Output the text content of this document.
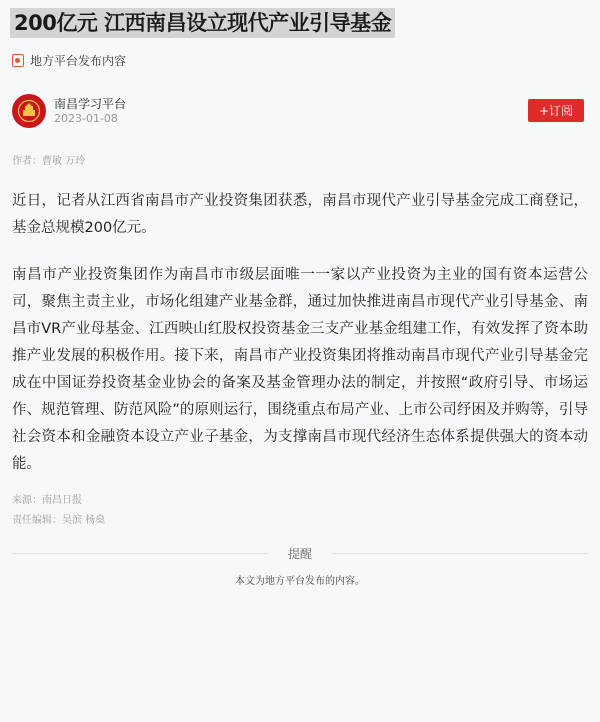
200亿元 江西南昌设立现代产业引导基金
地方平台发布内容
南昌学习平台
2023-01-08
+订阅
作者：曹敏 万玲

近日，记者从江西省南昌市产业投资集团获悉，南昌市现代产业引导基金完成工商登记，基金总规模200亿元。

南昌市产业投资集团作为南昌市市级层面唯一一家以产业投资为主业的国有资本运营公司，聚焦主责主业，市场化组建产业基金群，通过加快推进南昌市现代产业引导基金、南昌市VR产业母基金、江西映山红股权投资基金三支产业基金组建工作，有效发挥了资本助推产业发展的积极作用。接下来，南昌市产业投资集团将推动南昌市现代产业引导基金完成在中国证券投资基金业协会的备案及基金管理办法的制定，并按照“政府引导、市场运作、规范管理、防范风险”的原则运行，围绕重点布局产业、上市公司纾困及并购等，引导社会资本和金融资本设立产业子基金，为支撑南昌市现代经济生态体系提供强大的资本动能。

来源：南昌日报
责任编辑：吴滨 杨燊
提醒
本文为地方平台发布的内容。
